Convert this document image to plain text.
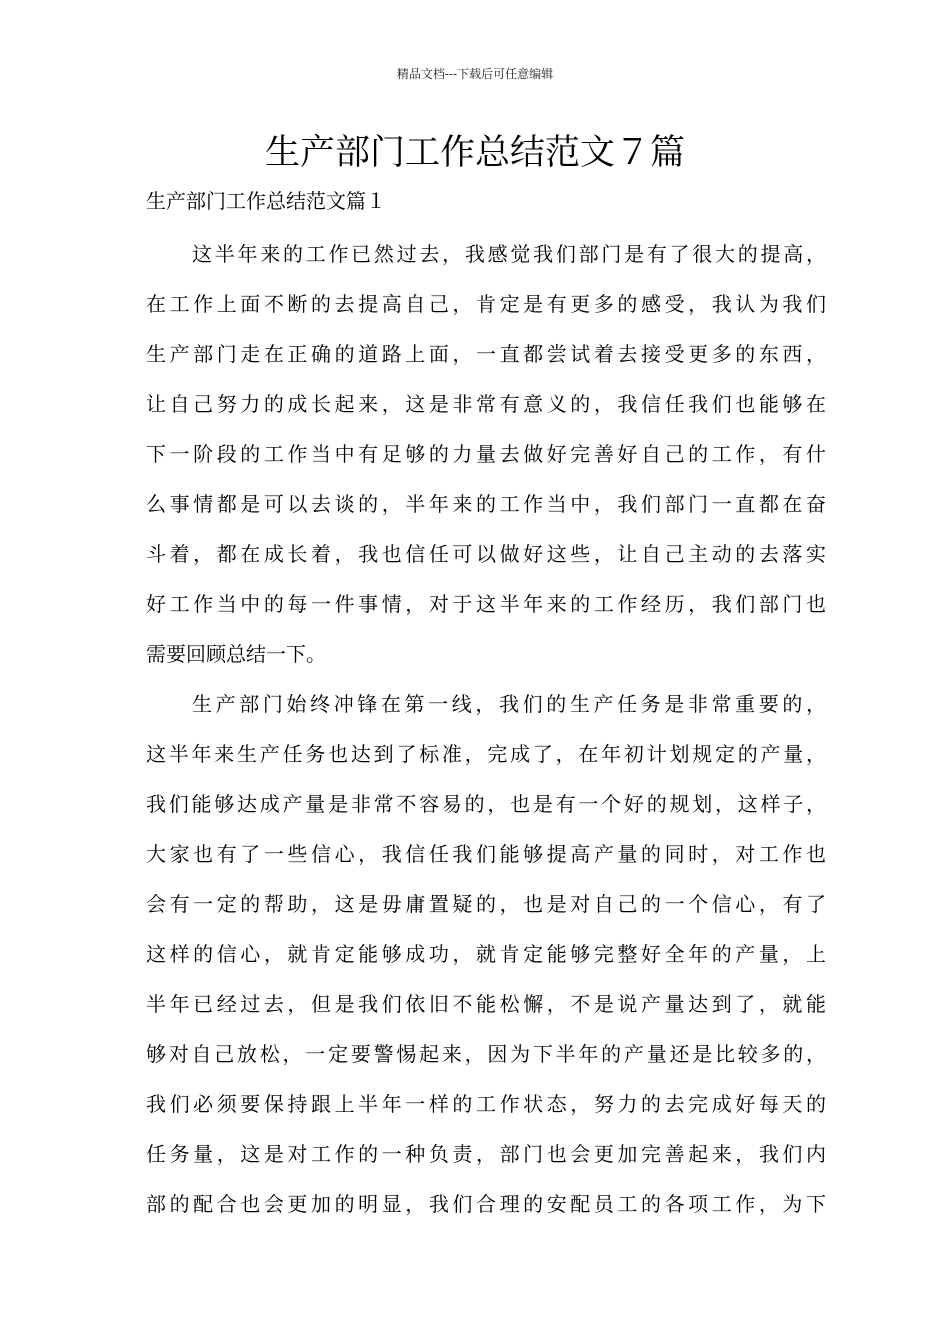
精品文档---下载后可任意编辑
生产部门工作总结范文７篇
生产部门工作总结范文篇１
这半年来的工作已然过去，我感觉我们部门是有了很大的提高，
在工作上面不断的去提高自己，肯定是有更多的感受，我认为我们
生产部门走在正确的道路上面，一直都尝试着去接受更多的东西，
让自己努力的成长起来，这是非常有意义的，我信任我们也能够在
下一阶段的工作当中有足够的力量去做好完善好自己的工作，有什
么事情都是可以去谈的，半年来的工作当中，我们部门一直都在奋
斗着，都在成长着，我也信任可以做好这些，让自己主动的去落实
好工作当中的每一件事情，对于这半年来的工作经历，我们部门也
需要回顾总结一下。
生产部门始终冲锋在第一线，我们的生产任务是非常重要的，
这半年来生产任务也达到了标准，完成了，在年初计划规定的产量，
我们能够达成产量是非常不容易的，也是有一个好的规划，这样子，
大家也有了一些信心，我信任我们能够提高产量的同时，对工作也
会有一定的帮助，这是毋庸置疑的，也是对自己的一个信心，有了
这样的信心，就肯定能够成功，就肯定能够完整好全年的产量，上
半年已经过去，但是我们依旧不能松懈，不是说产量达到了，就能
够对自己放松，一定要警惕起来，因为下半年的产量还是比较多的，
我们必须要保持跟上半年一样的工作状态，努力的去完成好每天的
任务量，这是对工作的一种负责，部门也会更加完善起来，我们内
部的配合也会更加的明显，我们合理的安配员工的各项工作，为下
